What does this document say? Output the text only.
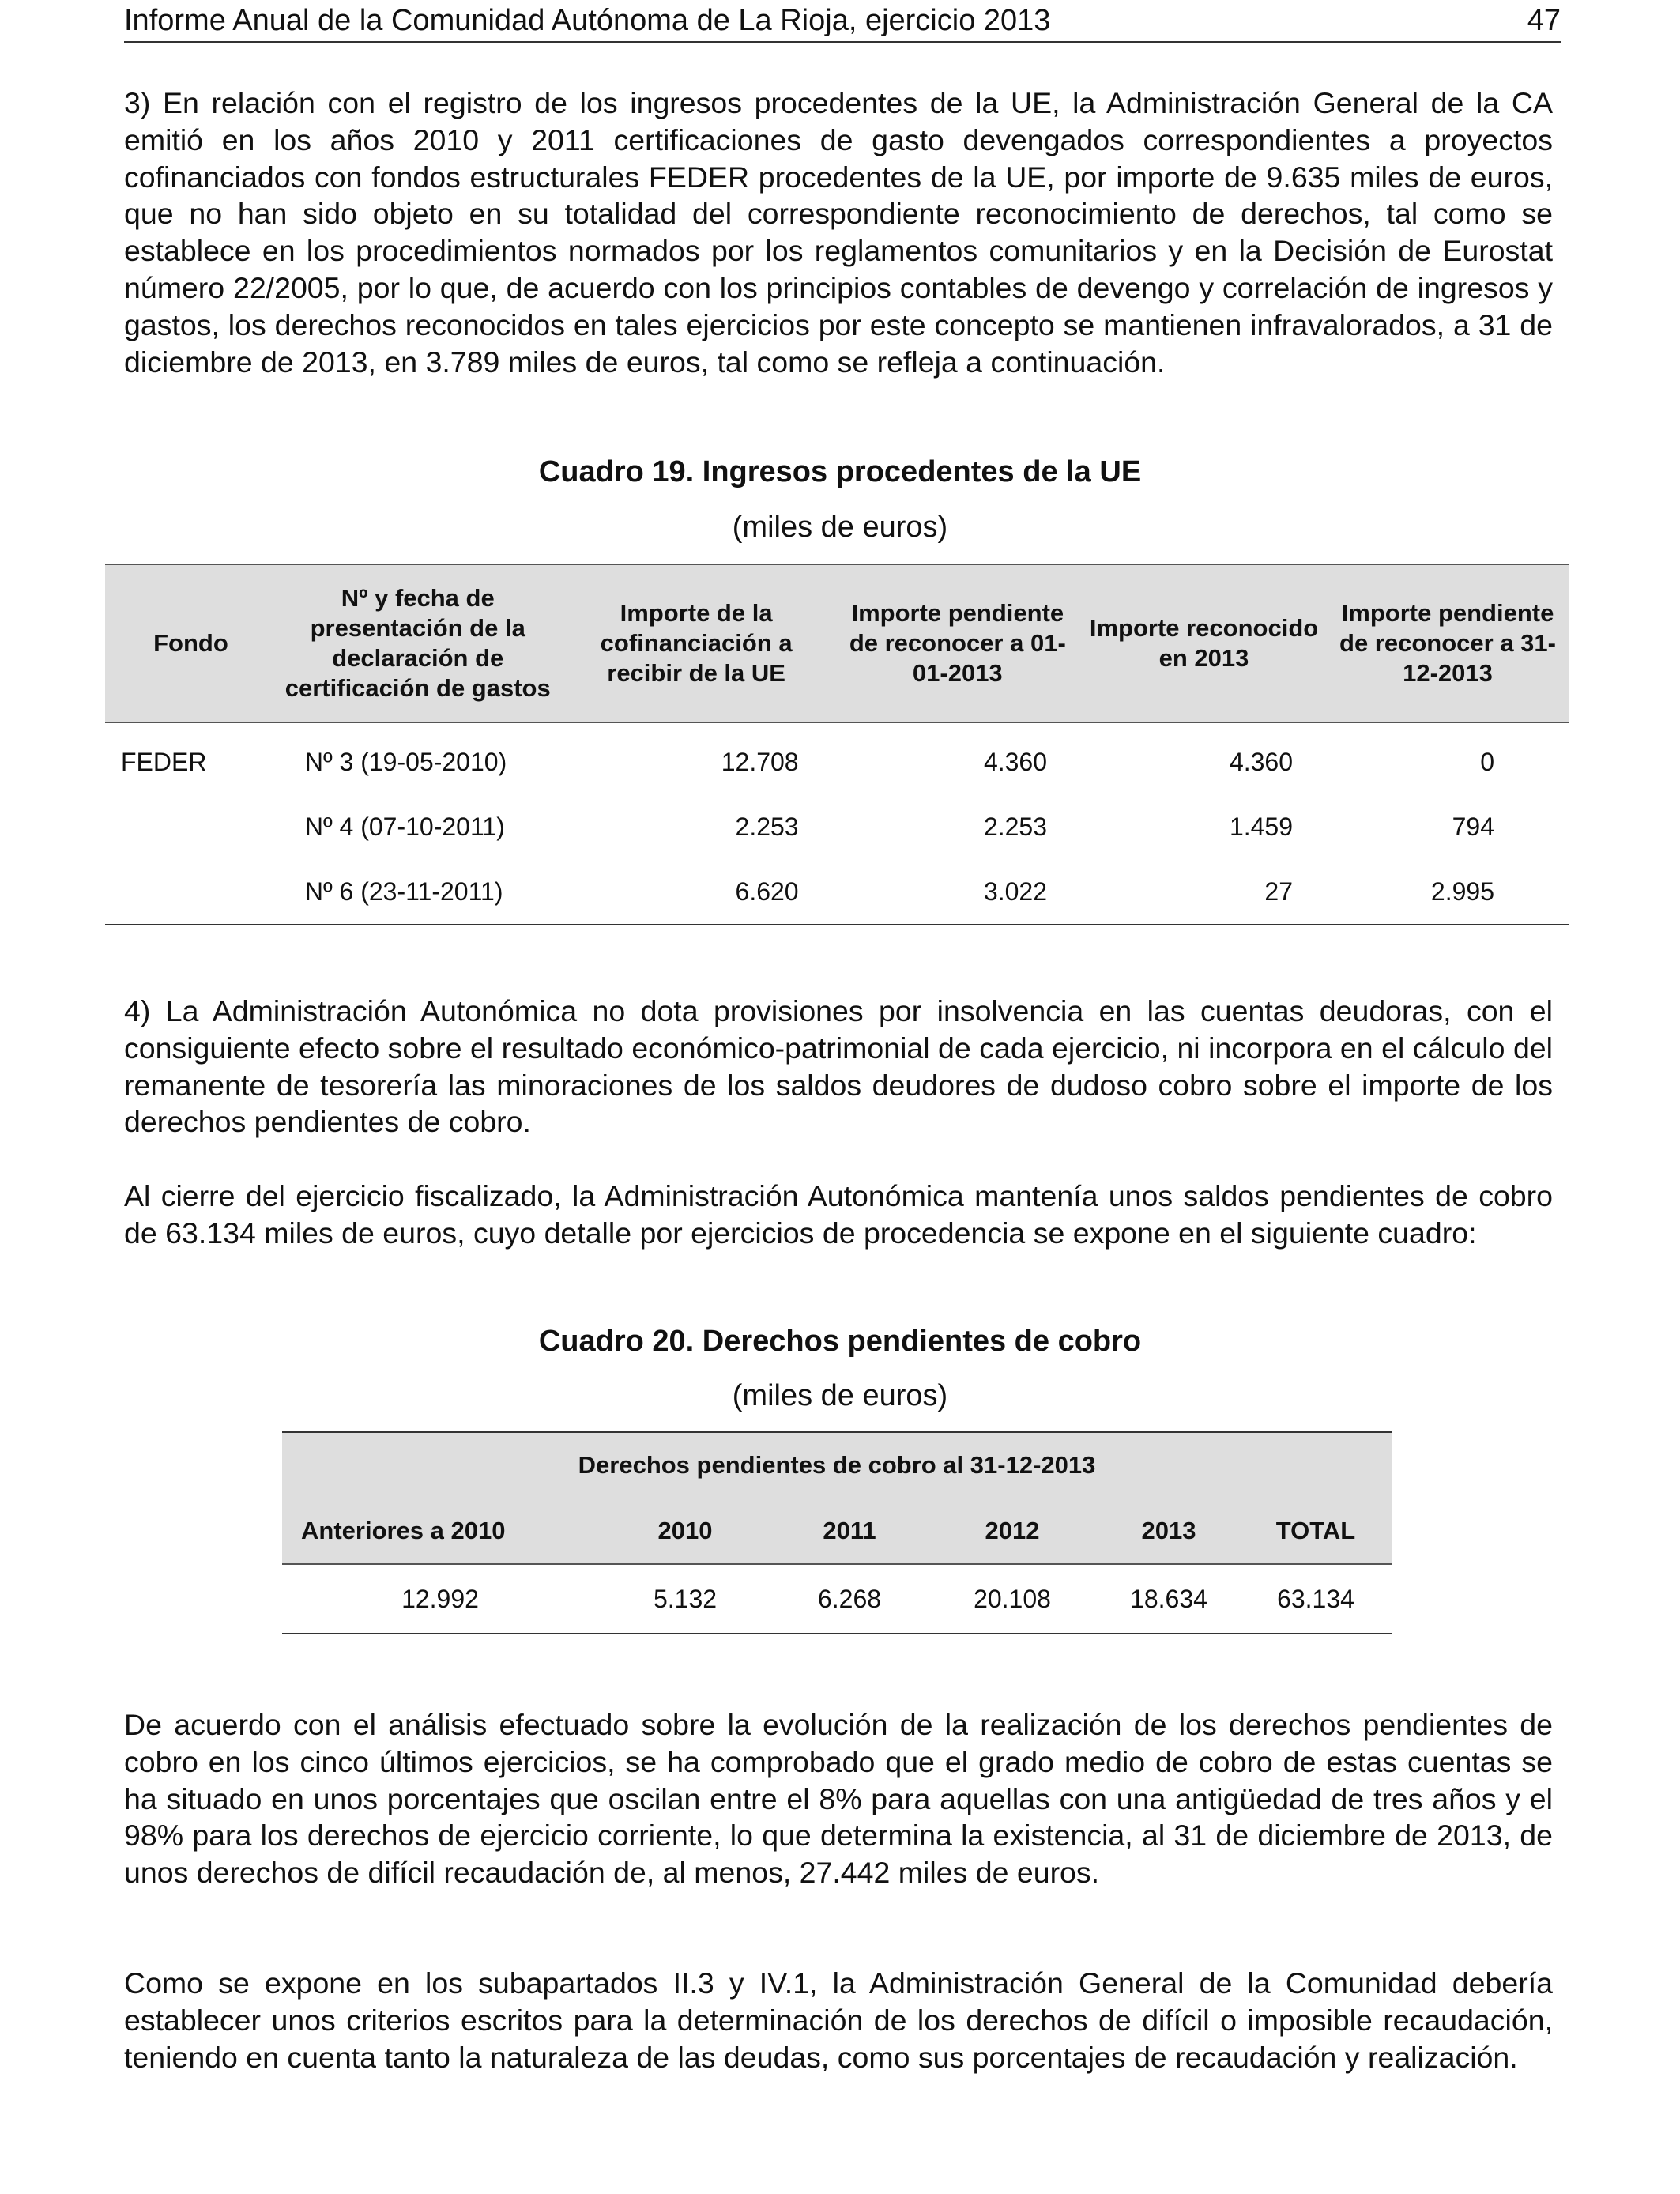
Informe Anual de la Comunidad Autónoma de La Rioja, ejercicio 2013	47

3) En relación con el registro de los ingresos procedentes de la UE, la Administración General de la CA emitió en los años 2010 y 2011 certificaciones de gasto devengados correspondientes a proyectos cofinanciados con fondos estructurales FEDER procedentes de la UE, por importe de 9.635 miles de euros, que no han sido objeto en su totalidad del correspondiente reconocimiento de derechos, tal como se establece en los procedimientos normados por los reglamentos comunitarios y en la Decisión de Eurostat número 22/2005, por lo que, de acuerdo con los principios contables de devengo y correlación de ingresos y gastos, los derechos reconocidos en tales ejercicios por este concepto se mantienen infravalorados, a 31 de diciembre de 2013, en 3.789 miles de euros, tal como se refleja a continuación.

Cuadro 19. Ingresos procedentes de la UE
(miles de euros)
Fondo	Nº y fecha de presentación de la declaración de certificación de gastos	Importe de la cofinanciación a recibir de la UE	Importe pendiente de reconocer a 01-01-2013	Importe reconocido en 2013	Importe pendiente de reconocer a 31-12-2013
FEDER	Nº 3 (19-05-2010)	12.708	4.360	4.360	0
	Nº 4 (07-10-2011)	2.253	2.253	1.459	794
	Nº 6 (23-11-2011)	6.620	3.022	27	2.995

4) La Administración Autonómica no dota provisiones por insolvencia en las cuentas deudoras, con el consiguiente efecto sobre el resultado económico-patrimonial de cada ejercicio, ni incorpora en el cálculo del remanente de tesorería las minoraciones de los saldos deudores de dudoso cobro sobre el importe de los derechos pendientes de cobro.

Al cierre del ejercicio fiscalizado, la Administración Autonómica mantenía unos saldos pendientes de cobro de 63.134 miles de euros, cuyo detalle por ejercicios de procedencia se expone en el siguiente cuadro:

Cuadro 20. Derechos pendientes de cobro
(miles de euros)
Derechos pendientes de cobro al 31-12-2013					
Anteriores a 2010	2010	2011	2012	2013	TOTAL
12.992	5.132	6.268	20.108	18.634	63.134

De acuerdo con el análisis efectuado sobre la evolución de la realización de los derechos pendientes de cobro en los cinco últimos ejercicios, se ha comprobado que el grado medio de cobro de estas cuentas se ha situado en unos porcentajes que oscilan entre el 8% para aquellas con una antigüedad de tres años y el 98% para los derechos de ejercicio corriente, lo que determina la existencia, al 31 de diciembre de 2013, de unos derechos de difícil recaudación de, al menos, 27.442 miles de euros.

Como se expone en los subapartados II.3 y IV.1, la Administración General de la Comunidad debería establecer unos criterios escritos para la determinación de los derechos de difícil o imposible recaudación, teniendo en cuenta tanto la naturaleza de las deudas, como sus porcentajes de recaudación y realización.
